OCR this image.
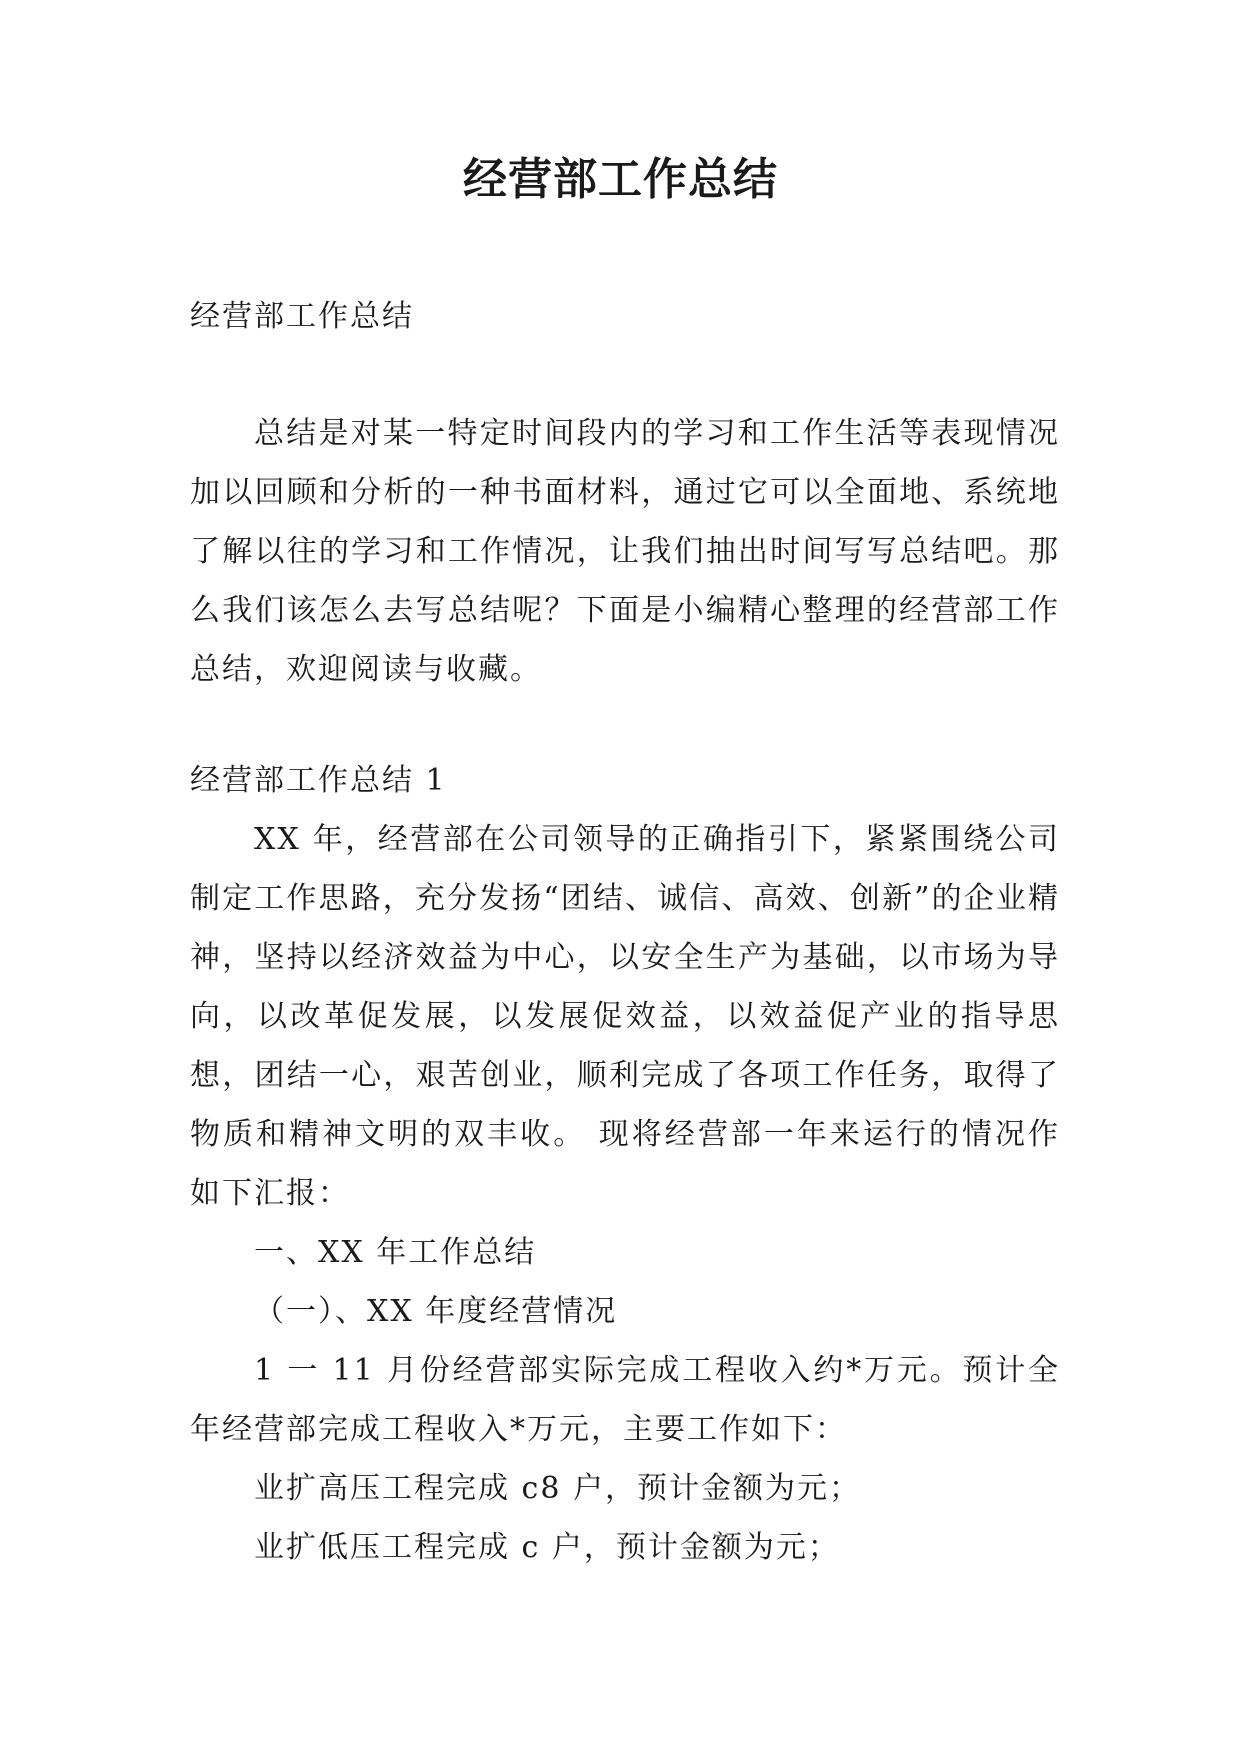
经营部工作总结

经营部工作总结

总结是对某一特定时间段内的学习和工作生活等表现情况加以回顾和分析的一种书面材料，通过它可以全面地、系统地了解以往的学习和工作情况，让我们抽出时间写写总结吧。那么我们该怎么去写总结呢？下面是小编精心整理的经营部工作总结，欢迎阅读与收藏。

经营部工作总结 1

XX 年，经营部在公司领导的正确指引下，紧紧围绕公司制定工作思路，充分发扬“团结、诚信、高效、创新”的企业精神，坚持以经济效益为中心，以安全生产为基础，以市场为导向，以改革促发展，以发展促效益，以效益促产业的指导思想，团结一心，艰苦创业，顺利完成了各项工作任务，取得了物质和精神文明的双丰收。 现将经营部一年来运行的情况作如下汇报：

一、XX 年工作总结

（一）、XX 年度经营情况

1 一 11 月份经营部实际完成工程收入约*万元。预计全年经营部完成工程收入*万元，主要工作如下：

业扩高压工程完成 c8 户，预计金额为元；

业扩低压工程完成 c 户，预计金额为元；
